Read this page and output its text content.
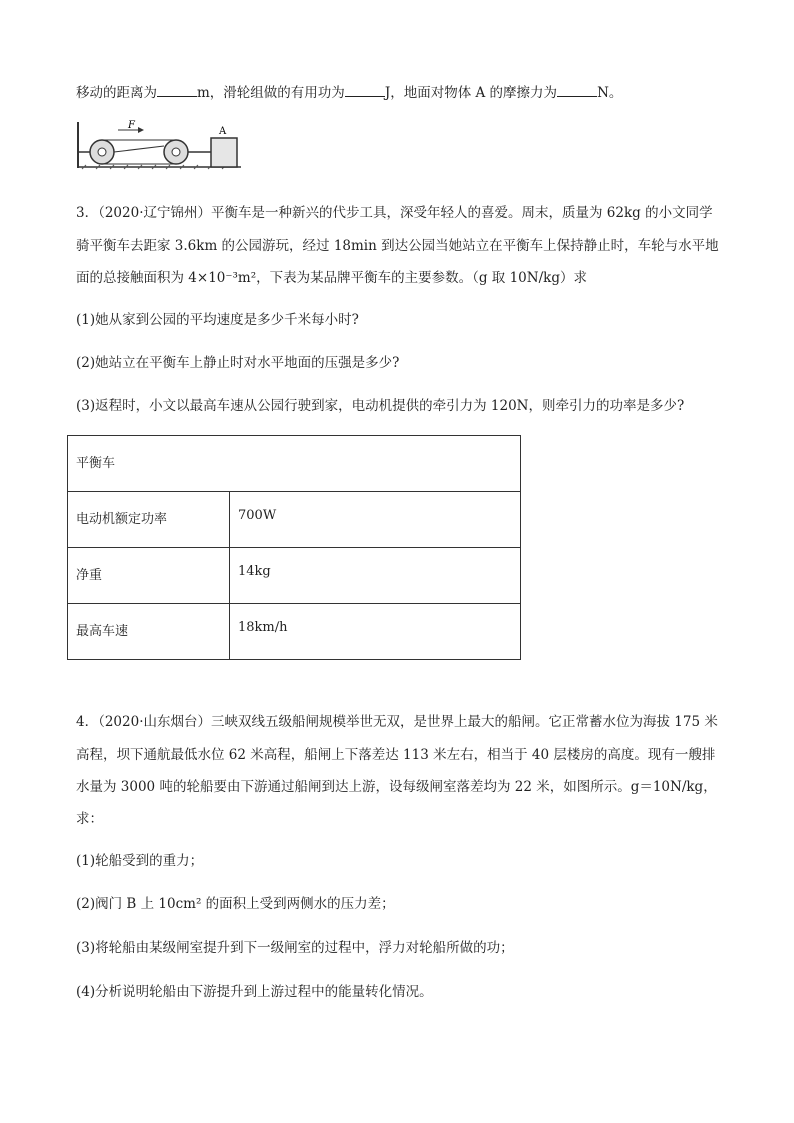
移动的距离为	m，滑轮组做的有用功为	J，地面对物体 A 的摩擦力为	N。
F
A
3．（2020·辽宁锦州）平衡车是一种新兴的代步工具，深受年轻人的喜爱。周末，质量为 62kg 的小文同学
骑平衡车去距家 3.6km 的公园游玩，经过 18min 到达公园当她站立在平衡车上保持静止时，车轮与水平地
面的总接触面积为 4×10⁻³m²，下表为某品牌平衡车的主要参数。（g 取 10N/kg）求
(1)她从家到公园的平均速度是多少千米每小时?
(2)她站立在平衡车上静止时对水平地面的压强是多少?
(3)返程时，小文以最高车速从公园行驶到家，电动机提供的牵引力为 120N，则牵引力的功率是多少?
平衡车	

电动机额定功率	700W

净重	14kg

最高车速	18km/h
4．（2020·山东烟台）三峡双线五级船闸规模举世无双，是世界上最大的船闸。它正常蓄水位为海拔 175 米
高程，坝下通航最低水位 62 米高程，船闸上下落差达 113 米左右，相当于 40 层楼房的高度。现有一艘排
水量为 3000 吨的轮船要由下游通过船闸到达上游，设每级闸室落差均为 22 米，如图所示。g＝10N/kg，
求：
(1)轮船受到的重力；
(2)阀门 B 上 10cm² 的面积上受到两侧水的压力差；
(3)将轮船由某级闸室提升到下一级闸室的过程中，浮力对轮船所做的功；
(4)分析说明轮船由下游提升到上游过程中的能量转化情况。
